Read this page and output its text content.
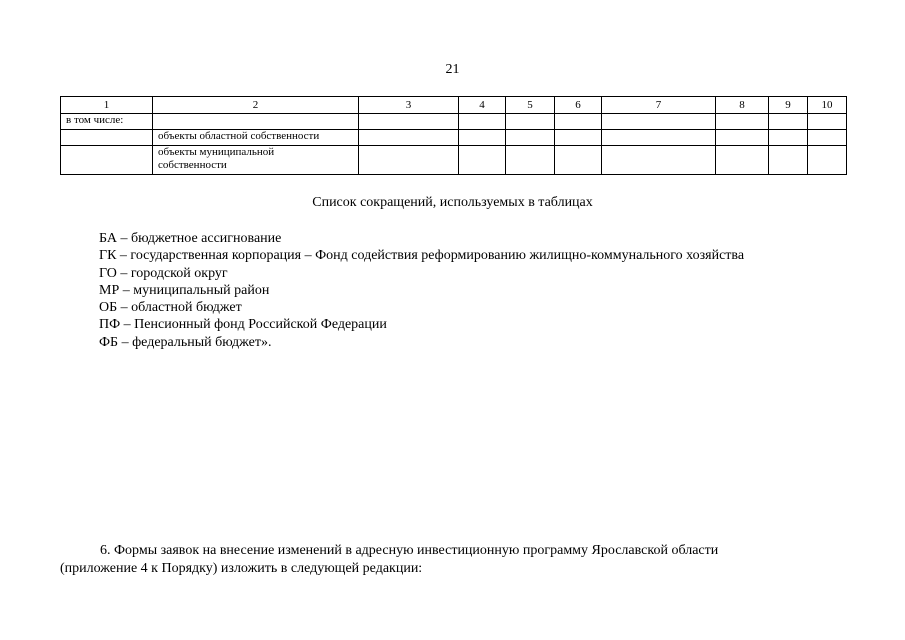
21
1	2	3	4	5	6	7	8	9	10
в том числе:									
	объекты областной собственности								
	объекты муниципальной собственности								
Список сокращений, используемых в таблицах
БА – бюджетное ассигнование
ГК – государственная корпорация – Фонд содействия реформированию жилищно-коммунального хозяйства
ГО – городской округ
МР – муниципальный район
ОБ – областной бюджет
ПФ – Пенсионный фонд Российской Федерации
ФБ – федеральный бюджет».
6. Формы заявок на внесение изменений в адресную инвестиционную программу Ярославской области
(приложение 4 к Порядку) изложить в следующей редакции:
